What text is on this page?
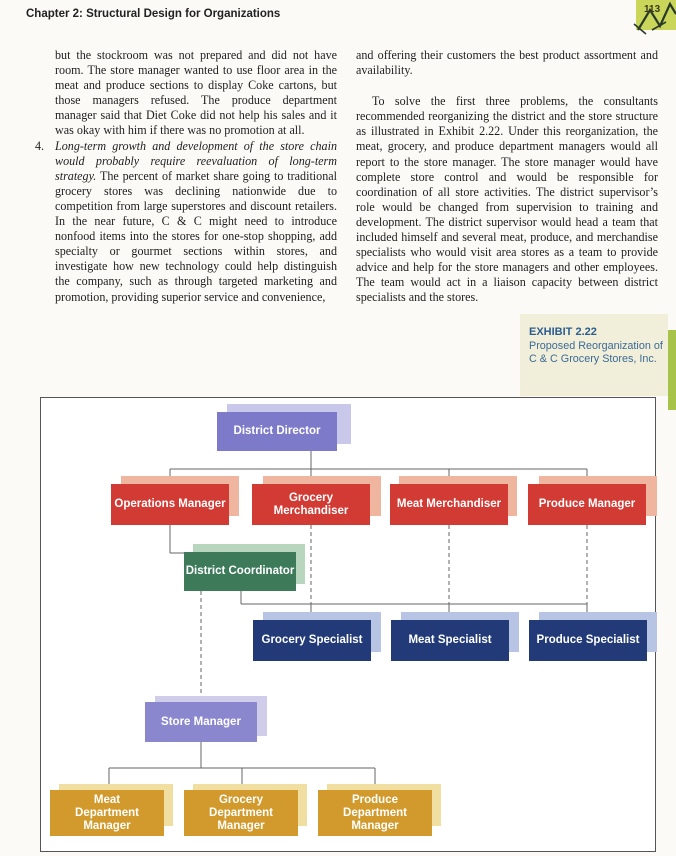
Chapter 2: Structural Design for Organizations	113

but the stockroom was not prepared and did not have room. The store manager wanted to use floor area in the meat and produce sections to display Coke cartons, but those managers refused. The produce department manager said that Diet Coke did not help his sales and it was okay with him if there was no promotion at all.

4. Long-term growth and development of the store chain would probably require reevaluation of long-term strategy. The percent of market share going to traditional grocery stores was declining nationwide due to competition from large superstores and discount retailers. In the near future, C & C might need to introduce nonfood items into the stores for one-stop shopping, add specialty or gourmet sections within stores, and investigate how new technology could help distinguish the company, such as through targeted marketing and promotion, providing superior service and convenience,

and offering their customers the best product assortment and availability.

To solve the first three problems, the consultants recommended reorganizing the district and the store structure as illustrated in Exhibit 2.22. Under this reorganization, the meat, grocery, and produce department managers would all report to the store manager. The store manager would have complete store control and would be responsible for coordination of all store activities. The district supervisor’s role would be changed from supervision to training and development. The district supervisor would head a team that included himself and several meat, produce, and merchandise specialists who would visit area stores as a team to provide advice and help for the store managers and other employees. The team would act in a liaison capacity between district specialists and the stores.

EXHIBIT 2.22
Proposed Reorganization of C & C Grocery Stores, Inc.
District Director
Operations Manager
Grocery Merchandiser
Meat Merchandiser	Produce Manager
District Coordinator
Grocery Specialist	Meat Specialist	Produce Specialist
Store Manager
Meat Department Manager
Grocery Department Manager
Produce Department Manager
